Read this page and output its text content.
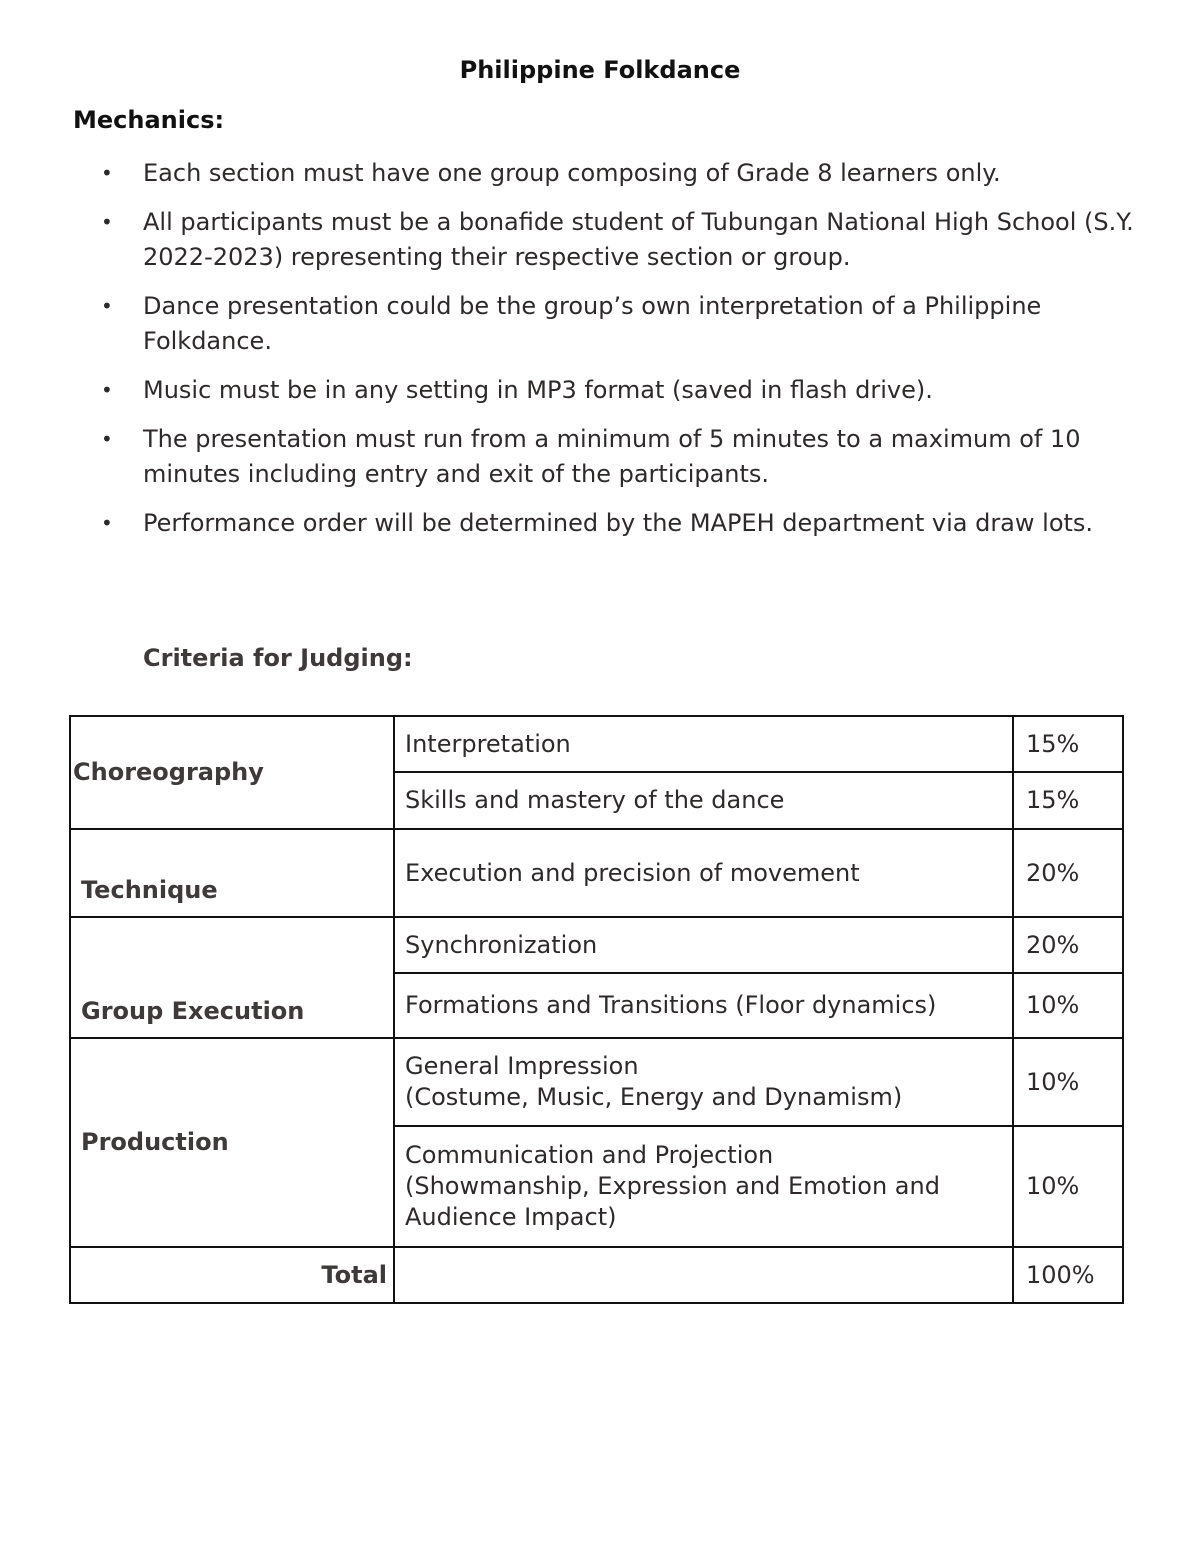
Philippine Folkdance
Mechanics:
• Each section must have one group composing of Grade 8 learners only.
• All participants must be a bonafide student of Tubungan National High School (S.Y. 2022-2023) representing their respective section or group.
• Dance presentation could be the group’s own interpretation of a Philippine Folkdance.
• Music must be in any setting in MP3 format (saved in flash drive).
• The presentation must run from a minimum of 5 minutes to a maximum of 10 minutes including entry and exit of the participants.
• Performance order will be determined by the MAPEH department via draw lots.
Criteria for Judging:
Choreography	Interpretation	15%
	Skills and mastery of the dance	15%
Technique	Execution and precision of movement	20%
Group Execution	Synchronization	20%
	Formations and Transitions (Floor dynamics)	10%
Production	General Impression
(Costume, Music, Energy and Dynamism)	10%

	Communication and Projection
(Showmanship, Expression and Emotion and Audience Impact)	10%
Total		100%
